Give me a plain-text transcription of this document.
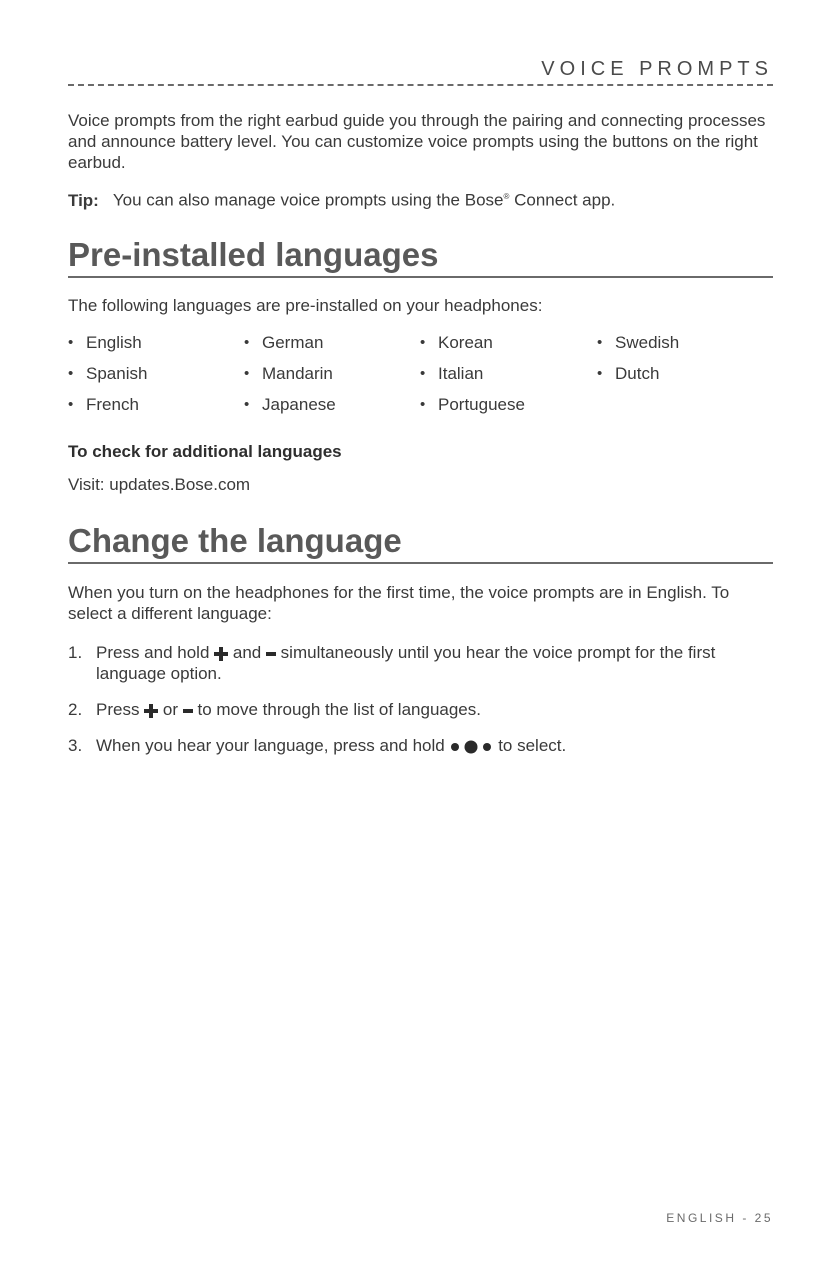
VOICE PROMPTS

Voice prompts from the right earbud guide you through the pairing and connecting processes and announce battery level. You can customize voice prompts using the buttons on the right earbud.

Tip: You can also manage voice prompts using the Bose® Connect app.
Pre-installed languages
The following languages are pre-installed on your headphones:
• English
• Spanish
• French
• German
• Mandarin
• Japanese
• Korean
• Italian
• Portuguese
• Swedish
• Dutch
To check for additional languages
Visit: updates.Bose.com
Change the language
When you turn on the headphones for the first time, the voice prompts are in English. To select a different language:
1. Press and hold
and
simultaneously until you hear the voice prompt for the first language option.
2. Press
or
to move through the list of languages.
3. When you hear your language, press and hold	to select.
ENGLISH - 25
